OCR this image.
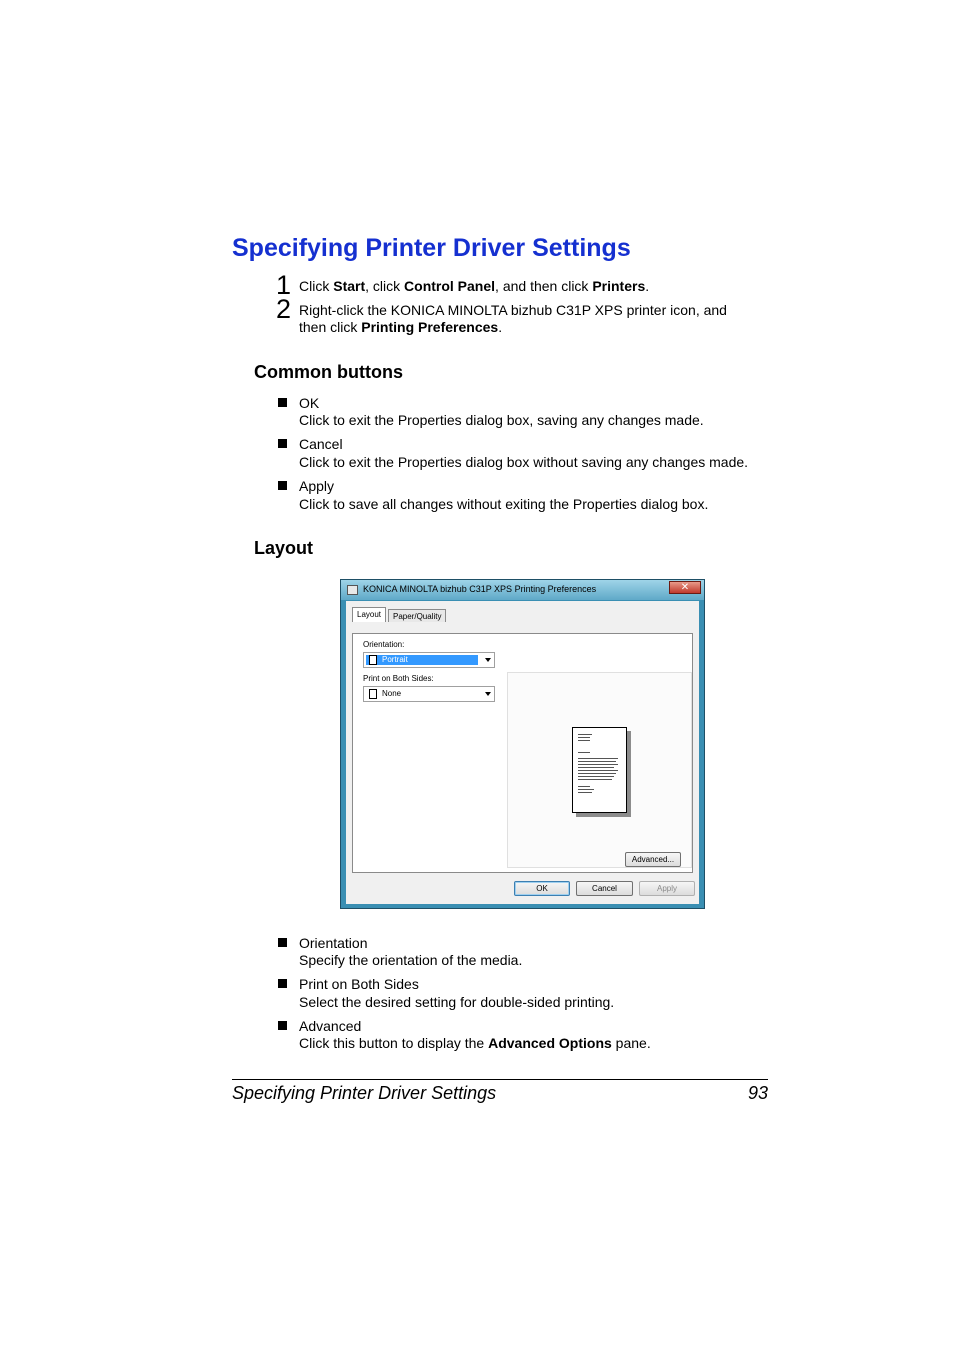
Specifying Printer Driver Settings
1 Click Start, click Control Panel, and then click Printers.
2 Right-click the KONICA MINOLTA bizhub C31P XPS printer icon, and
then click Printing Preferences.
Common buttons
OK
Click to exit the Properties dialog box, saving any changes made.
Cancel
Click to exit the Properties dialog box without saving any changes made.
Apply
Click to save all changes without exiting the Properties dialog box.
Layout
KONICA MINOLTA bizhub C31P XPS Printing Preferences	✕
Layout	Paper/Quality
Orientation:
Portrait
Print on Both Sides:
None
Advanced...
OK	Cancel	Apply
Orientation
Specify the orientation of the media.
Print on Both Sides
Select the desired setting for double-sided printing.
Advanced
Click this button to display the Advanced Options pane.
Specifying Printer Driver Settings	93
